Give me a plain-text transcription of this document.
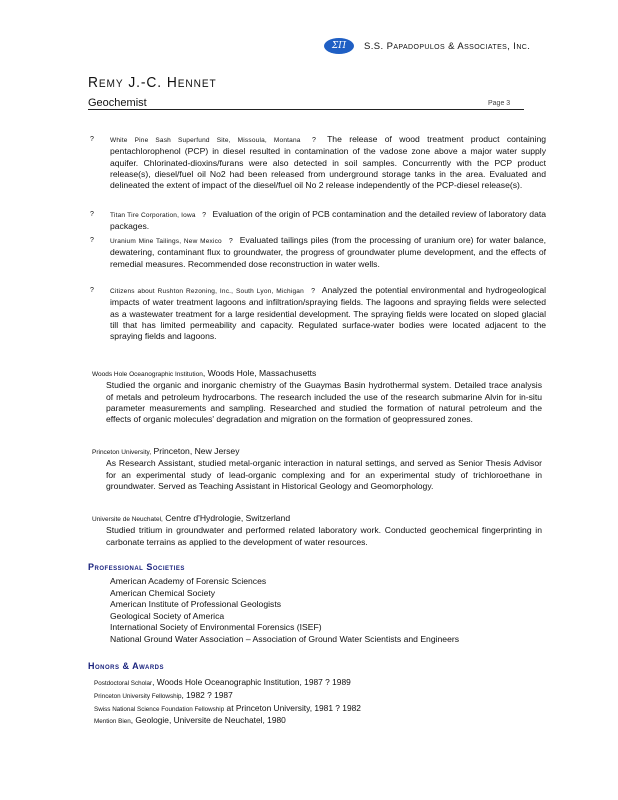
ΣΠ	S.S. Papadopulos & Associates, Inc.
Remy J.-C. Hennet
Geochemist	Page 3
?	White Pine Sash Superfund Site, Missoula, Montana ? The release of wood treatment product containing pentachlorophenol (PCP) in diesel resulted in contamination of the vadose zone above a major water supply aquifer. Chlorinated-dioxins/furans were also detected in soil samples. Concurrently with the PCP product release(s), diesel/fuel oil No2 had been released from underground storage tanks in the area. Evaluated and delineated the extent of impact of the diesel/fuel oil No 2 release independently of the PCP-diesel release(s).
?	Titan Tire Corporation, Iowa ? Evaluation of the origin of PCB contamination and the detailed review of laboratory data packages.
?	Uranium Mine Tailings, New Mexico ? Evaluated tailings piles (from the processing of uranium ore) for water balance, dewatering, contaminant flux to groundwater, the progress of groundwater plume development, and the effects of remedial measures. Recommended dose reconstruction in water wells.
?	Citizens about Rushton Rezoning, Inc., South Lyon, Michigan ? Analyzed the potential environmental and hydrogeological impacts of water treatment lagoons and infiltration/spraying fields. The lagoons and spraying fields were selected as a wastewater treatment for a large residential development. The spraying fields were located on sloped glacial till that has limited permeability and capacity. Regulated surface-water bodies were located adjacent to the spraying fields and lagoons.
Woods Hole Oceanographic Institution, Woods Hole, Massachusetts
Studied the organic and inorganic chemistry of the Guaymas Basin hydrothermal system. Detailed trace analysis of metals and petroleum hydrocarbons. The research included the use of the research submarine Alvin for in-situ parameter measurements and sampling. Researched and studied the formation of natural petroleum and the effects of organic molecules' degradation and migration on the formation of geopressured zones.
Princeton University, Princeton, New Jersey
As Research Assistant, studied metal-organic interaction in natural settings, and served as Senior Thesis Advisor for an experimental study of lead-organic complexing and for an experimental study of trichloroethane in groundwater. Served as Teaching Assistant in Historical Geology and Geomorphology.
Universite de Neuchatel, Centre d'Hydrologie, Switzerland
Studied tritium in groundwater and performed related laboratory work. Conducted geochemical fingerprinting in carbonate terrains as applied to the development of water resources.
Professional Societies
American Academy of Forensic Sciences
American Chemical Society
American Institute of Professional Geologists
Geological Society of America
International Society of Environmental Forensics (ISEF)
National Ground Water Association – Association of Ground Water Scientists and Engineers
Honors & Awards
Postdoctoral Scholar, Woods Hole Oceanographic Institution, 1987 ? 1989
Princeton University Fellowship, 1982 ? 1987
Swiss National Science Foundation Fellowship at Princeton University, 1981 ? 1982
Mention Bien, Geologie, Universite de Neuchatel, 1980
